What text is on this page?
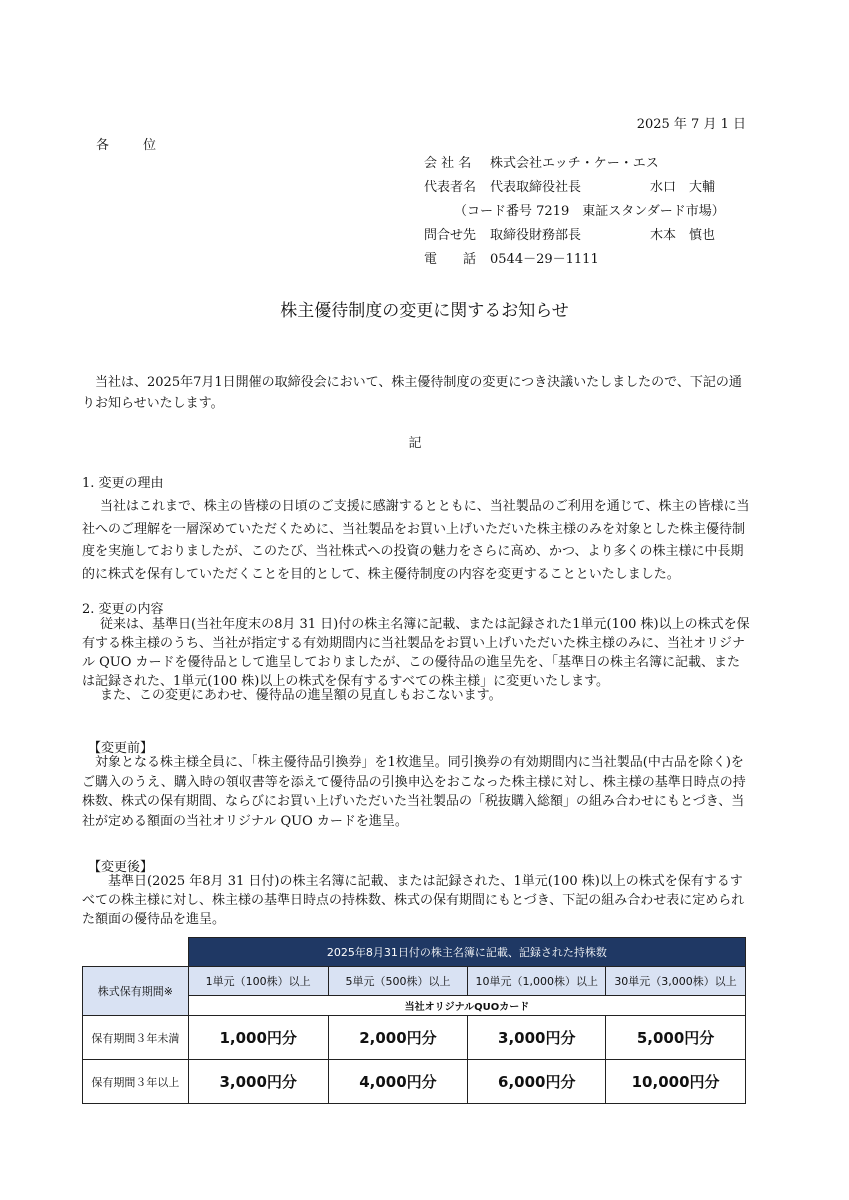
2025 年 7 月 1 日
各	位
会 社 名 株式会社エッチ・ケー・エス
代表者名 代表取締役社長	水口　大輔
（コード番号 7219　東証スタンダード市場）
問合せ先 取締役財務部長	木本　慎也
電　　話 0544－29－1111
株主優待制度の変更に関するお知らせ
当社は、2025年7月1日開催の取締役会において、株主優待制度の変更につき決議いたしましたので、下記の通りお知らせいたします。
記
1. 変更の理由
当社はこれまで、株主の皆様の日頃のご支援に感謝するとともに、当社製品のご利用を通じて、株主の皆様に当社へのご理解を一層深めていただくために、当社製品をお買い上げいただいた株主様のみを対象とした株主優待制度を実施しておりましたが、このたび、当社株式への投資の魅力をさらに高め、かつ、より多くの株主様に中長期的に株式を保有していただくことを目的として、株主優待制度の内容を変更することといたしました。
2. 変更の内容
従来は、基準日(当社年度末の8月 31 日)付の株主名簿に記載、または記録された1単元(100 株)以上の株式を保有する株主様のうち、当社が指定する有効期間内に当社製品をお買い上げいただいた株主様のみに、当社オリジナル QUO カードを優待品として進呈しておりましたが、この優待品の進呈先を、「基準日の株主名簿に記載、または記録された、1単元(100 株)以上の株式を保有するすべての株主様」に変更いたします。
また、この変更にあわせ、優待品の進呈額の見直しもおこないます。
【変更前】
対象となる株主様全員に、「株主優待品引換券」を1枚進呈。同引換券の有効期間内に当社製品(中古品を除く)をご購入のうえ、購入時の領収書等を添えて優待品の引換申込をおこなった株主様に対し、株主様の基準日時点の持株数、株式の保有期間、ならびにお買い上げいただいた当社製品の「税抜購入総額」の組み合わせにもとづき、当社が定める額面の当社オリジナル QUO カードを進呈。
【変更後】
基準日(2025 年8月 31 日付)の株主名簿に記載、または記録された、1単元(100 株)以上の株式を保有するすべての株主様に対し、株主様の基準日時点の持株数、株式の保有期間にもとづき、下記の組み合わせ表に定められた額面の優待品を進呈。
	2025年8月31日付の株主名簿に記載、記録された持株数			
株式保有期間※	1単元（100株）以上	5単元（500株）以上	10単元（1,000株）以上	30単元（3,000株）以上
	当社オリジナルQUOカード			
保有期間３年未満	1,000円分	2,000円分	3,000円分	5,000円分
保有期間３年以上	3,000円分	4,000円分	6,000円分	10,000円分
